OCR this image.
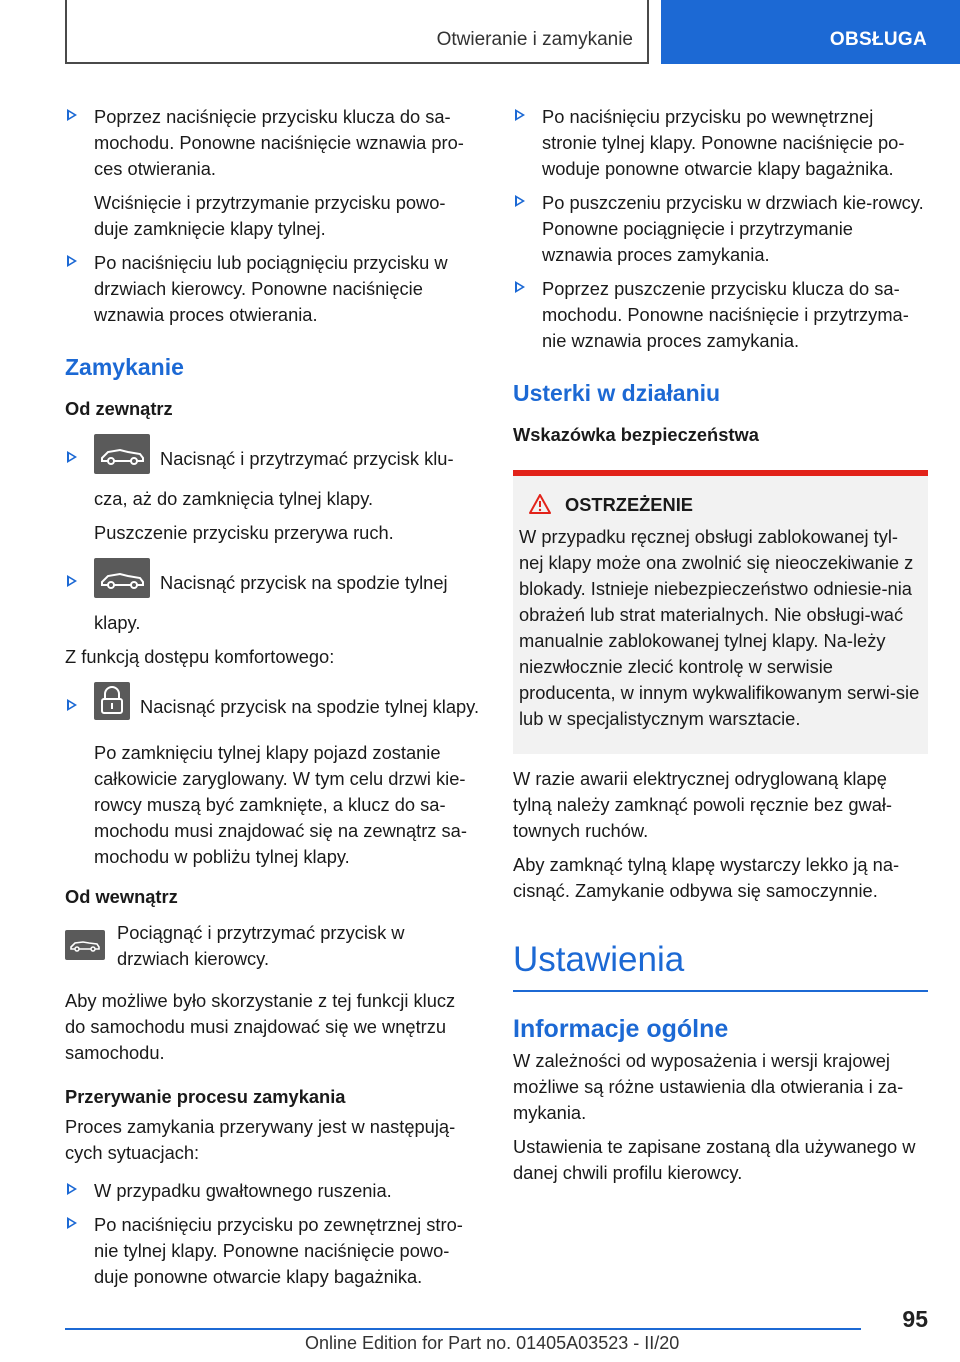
Otwieranie i zamykanie	OBSŁUGA
Poprzez naciśnięcie przycisku klucza do sa-mochodu. Ponowne naciśnięcie wznawia pro-ces otwierania.
Wciśnięcie i przytrzymanie przycisku powo-duje zamknięcie klapy tylnej.
Po naciśnięciu lub pociągnięciu przycisku w drzwiach kierowcy. Ponowne naciśnięcie wznawia proces otwierania.
Zamykanie
Od zewnątrz
Nacisnąć i przytrzymać przycisk klu-cza, aż do zamknięcia tylnej klapy.
Puszczenie przycisku przerywa ruch.
Nacisnąć przycisk na spodzie tylnej klapy.
Z funkcją dostępu komfortowego:
Nacisnąć przycisk na spodzie tylnej klapy.
Po zamknięciu tylnej klapy pojazd zostanie całkowicie zaryglowany. W tym celu drzwi kie-rowcy muszą być zamknięte, a klucz do sa-mochodu musi znajdować się na zewnątrz sa-mochodu w pobliżu tylnej klapy.
Od wewnątrz
Pociągnąć i przytrzymać przycisk w drzwiach kierowcy.
Aby możliwe było skorzystanie z tej funkcji klucz do samochodu musi znajdować się we wnętrzu samochodu.
Przerywanie procesu zamykania
Proces zamykania przerywany jest w następują-cych sytuacjach:
W przypadku gwałtownego ruszenia.
Po naciśnięciu przycisku po zewnętrznej stro-nie tylnej klapy. Ponowne naciśnięcie powo-duje ponowne otwarcie klapy bagażnika.
Po naciśnięciu przycisku po wewnętrznej stronie tylnej klapy. Ponowne naciśnięcie po-woduje ponowne otwarcie klapy bagażnika.
Po puszczeniu przycisku w drzwiach kie-rowcy. Ponowne pociągnięcie i przytrzymanie wznawia proces zamykania.
Poprzez puszczenie przycisku klucza do sa-mochodu. Ponowne naciśnięcie i przytrzyma-nie wznawia proces zamykania.
Usterki w działaniu
Wskazówka bezpieczeństwa
OSTRZEŻENIE
W przypadku ręcznej obsługi zablokowanej tyl-nej klapy może ona zwolnić się nieoczekiwanie z blokady. Istnieje niebezpieczeństwo odniesie-nia obrażeń lub strat materialnych. Nie obsługi-wać manualnie zablokowanej tylnej klapy. Na-leży niezwłocznie zlecić kontrolę w serwisie producenta, w innym wykwalifikowanym serwi-sie lub w specjalistycznym warsztacie.
W razie awarii elektrycznej odryglowaną klapę tylną należy zamknąć powoli ręcznie bez gwał-townych ruchów.
Aby zamknąć tylną klapę wystarczy lekko ją na-cisnąć. Zamykanie odbywa się samoczynnie.
Ustawienia
Informacje ogólne
W zależności od wyposażenia i wersji krajowej możliwe są różne ustawienia dla otwierania i za-mykania.
Ustawienia te zapisane zostaną dla używanego w danej chwili profilu kierowcy.
95
Online Edition for Part no. 01405A03523 - II/20
